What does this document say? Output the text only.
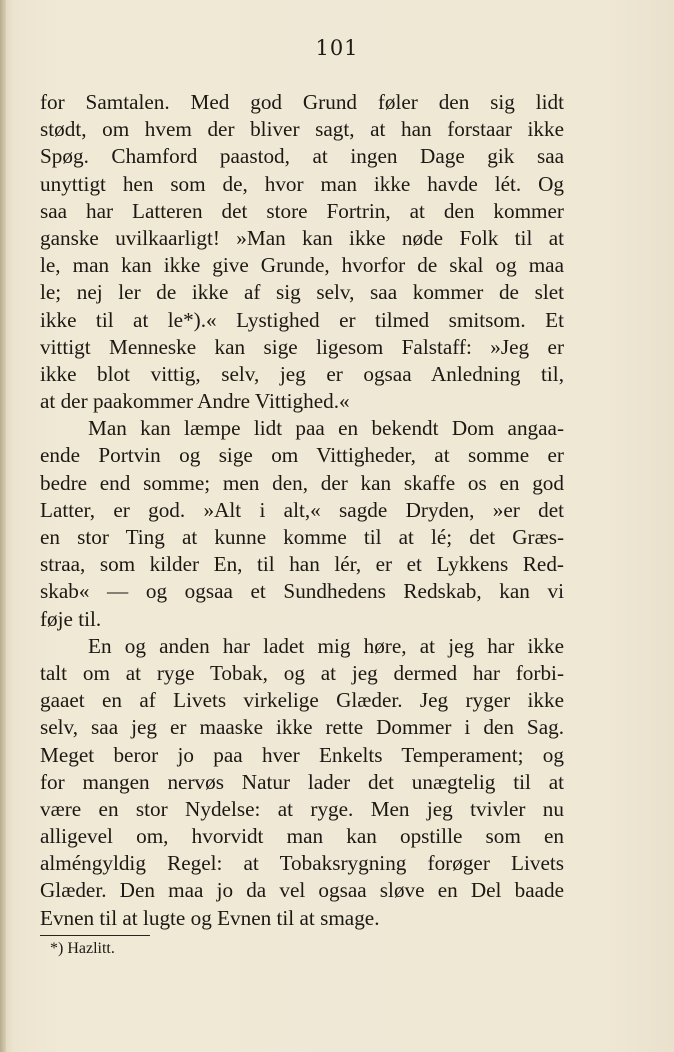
101
for Samtalen. Med god Grund føler den sig lidt
stødt, om hvem der bliver sagt, at han forstaar ikke
Spøg. Chamford paastod, at ingen Dage gik saa
unyttigt hen som de, hvor man ikke havde lét. Og
saa har Latteren det store Fortrin, at den kommer
ganske uvilkaarligt! »Man kan ikke nøde Folk til at
le, man kan ikke give Grunde, hvorfor de skal og maa
le; nej ler de ikke af sig selv, saa kommer de slet
ikke til at le*).« Lystighed er tilmed smitsom. Et
vittigt Menneske kan sige ligesom Falstaff: »Jeg er
ikke blot vittig, selv, jeg er ogsaa Anledning til,
at der paakommer Andre Vittighed.«
Man kan læmpe lidt paa en bekendt Dom angaa-
ende Portvin og sige om Vittigheder, at somme er
bedre end somme; men den, der kan skaffe os en god
Latter, er god. »Alt i alt,« sagde Dryden, »er det
en stor Ting at kunne komme til at lé; det Græs-
straa, som kilder En, til han lér, er et Lykkens Red-
skab« — og ogsaa et Sundhedens Redskab, kan vi
føje til.
En og anden har ladet mig høre, at jeg har ikke
talt om at ryge Tobak, og at jeg dermed har forbi-
gaaet en af Livets virkelige Glæder. Jeg ryger ikke
selv, saa jeg er maaske ikke rette Dommer i den Sag.
Meget beror jo paa hver Enkelts Temperament; og
for mangen nervøs Natur lader det unægtelig til at
være en stor Nydelse: at ryge. Men jeg tvivler nu
alligevel om, hvorvidt man kan opstille som en
alméngyldig Regel: at Tobaksrygning forøger Livets
Glæder. Den maa jo da vel ogsaa sløve en Del baade
Evnen til at lugte og Evnen til at smage.
*) Hazlitt.
